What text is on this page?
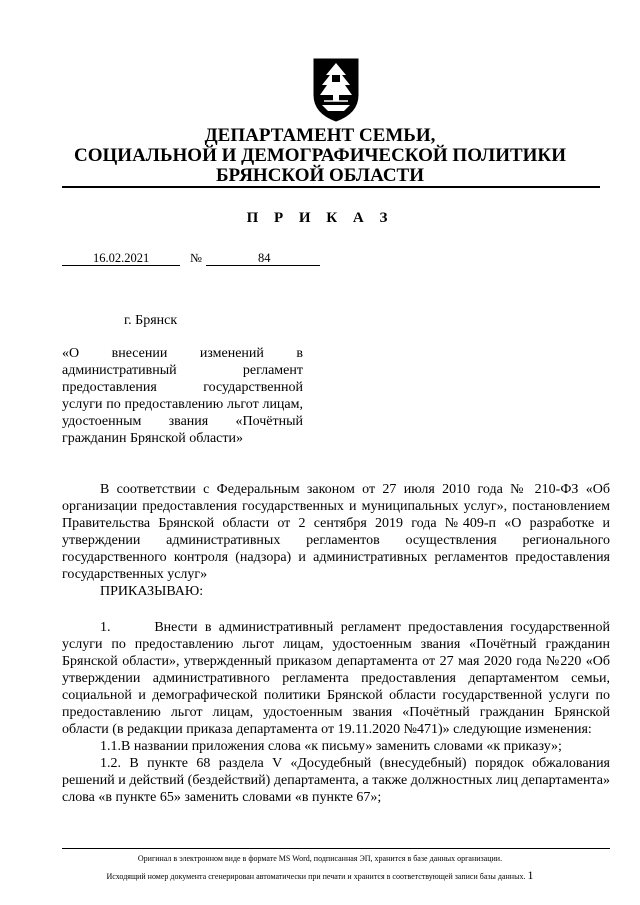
ДЕПАРТАМЕНТ СЕМЬИ,
СОЦИАЛЬНОЙ И ДЕМОГРАФИЧЕСКОЙ ПОЛИТИКИ
БРЯНСКОЙ ОБЛАСТИ
П Р И К А З
16.02.2021	№	84
г. Брянск
«О внесении изменений в административный регламент предоставления государственной услуги по предоставлению льгот лицам, удостоенным звания «Почётный гражданин Брянской области»

В соответствии с Федеральным законом от 27 июля 2010 года № 210-ФЗ «Об организации предоставления государственных и муниципальных услуг», постановлением Правительства Брянской области от 2 сентября 2019 года №409-п «О разработке и утверждении административных регламентов осуществления регионального государственного контроля (надзора) и административных регламентов предоставления государственных услуг»

ПРИКАЗЫВАЮ:

1.      Внести в административный регламент предоставления государственной услуги по предоставлению льгот лицам, удостоенным звания «Почётный гражданин Брянской области», утвержденный приказом департамента от 27 мая 2020 года №220 «Об утверждении административного регламента предоставления департаментом семьи, социальной и демографической политики Брянской области государственной услуги по предоставлению льгот лицам, удостоенным звания «Почётный гражданин Брянской области (в редакции приказа департамента от 19.11.2020 №471)» следующие изменения:

1.1.В названии приложения слова «к письму» заменить словами «к приказу»;

1.2. В пункте 68 раздела V «Досудебный (внесудебный) порядок обжалования решений и действий (бездействий) департамента, а также должностных лиц департамента» слова «в пункте 65» заменить словами «в пункте 67»;

Оригинал в электронном виде в формате MS Word, подписанная ЭП, хранится в базе данных организации.
Исходящий номер документа сгенерирован автоматически при печати и хранится в соответствующей записи базы данных. 1
